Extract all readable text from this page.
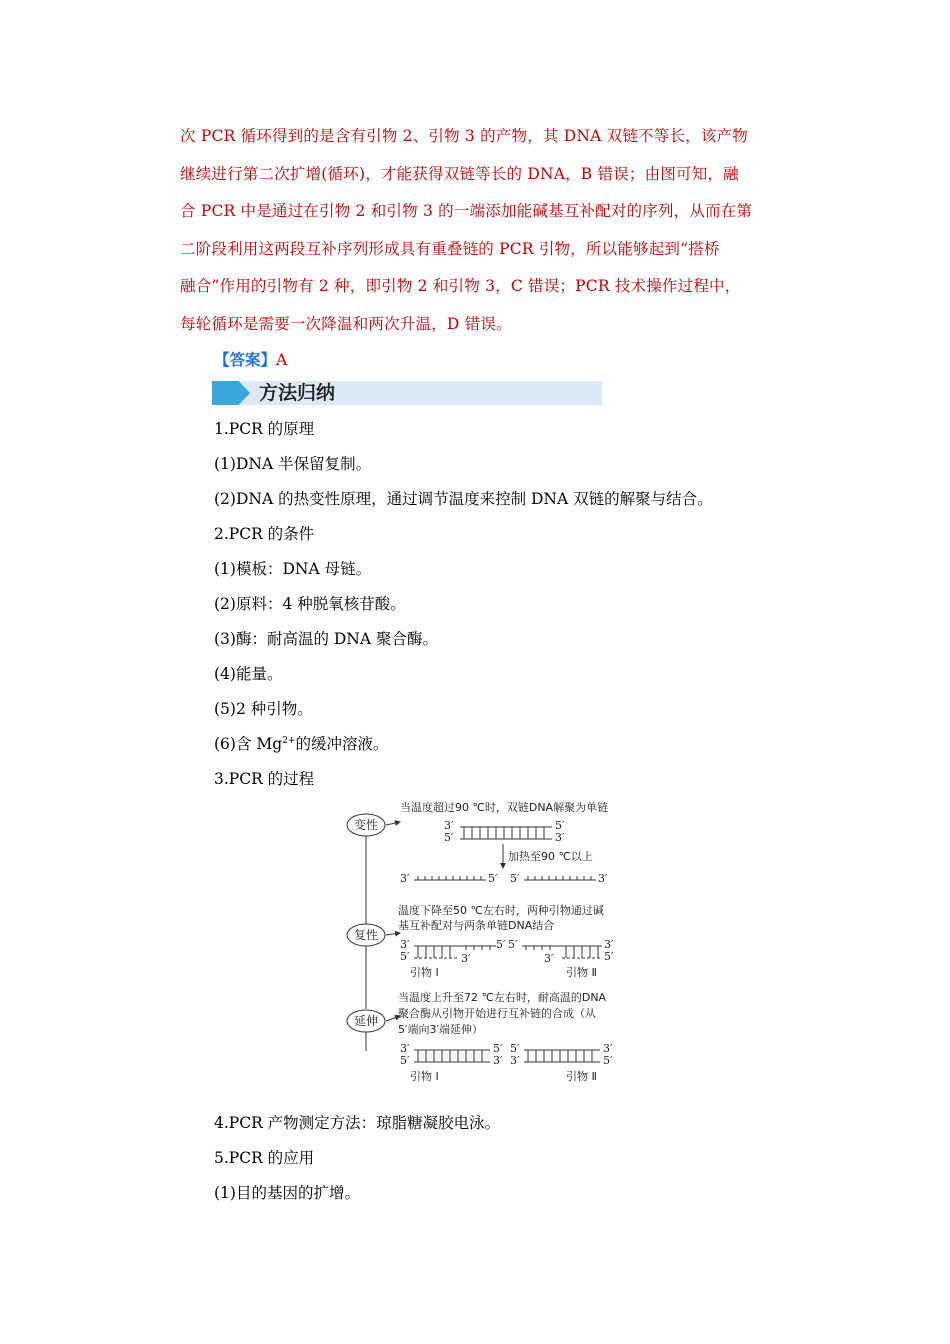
次 PCR 循环得到的是含有引物 2、引物 3 的产物，其 DNA 双链不等长，该产物
继续进行第二次扩增(循环)，才能获得双链等长的 DNA，B 错误；由图可知，融
合 PCR 中是通过在引物 2 和引物 3 的一端添加能碱基互补配对的序列，从而在第
二阶段利用这两段互补序列形成具有重叠链的 PCR 引物，所以能够起到“搭桥
融合”作用的引物有 2 种，即引物 2 和引物 3，C 错误；PCR 技术操作过程中，
每轮循环是需要一次降温和两次升温，D 错误。
【答案】A
方法归纳
1.PCR 的原理
(1)DNA 半保留复制。
(2)DNA 的热变性原理，通过调节温度来控制 DNA 双链的解聚与结合。
2.PCR 的条件
(1)模板：DNA 母链。
(2)原料：4 种脱氧核苷酸。
(3)酶：耐高温的 DNA 聚合酶。
(4)能量。
(5)2 种引物。
(6)含 $Mg^{2+}$的缓冲溶液。
3.PCR 的过程
变性
复性
延伸
当温度超过90 ℃时，双链DNA解聚为单链
3′
5′
5′
3′
加热至90 ℃以上
3′	5′ 5′	3′
温度下降至50 ℃左右时，两种引物通过碱
基互补配对与两条单链DNA结合
3′
5′	3′
5′ 5′
3′
3′
5′
引物 Ⅰ	引物 Ⅱ
当温度上升至72 ℃左右时，耐高温的DNA
聚合酶从引物开始进行互补链的合成（从
5′端向3′端延伸）
3′
5′
5′
3′
5′
3′
3′
5′
引物 Ⅰ	引物 Ⅱ
4.PCR 产物测定方法：琼脂糖凝胶电泳。
5.PCR 的应用
(1)目的基因的扩增。
